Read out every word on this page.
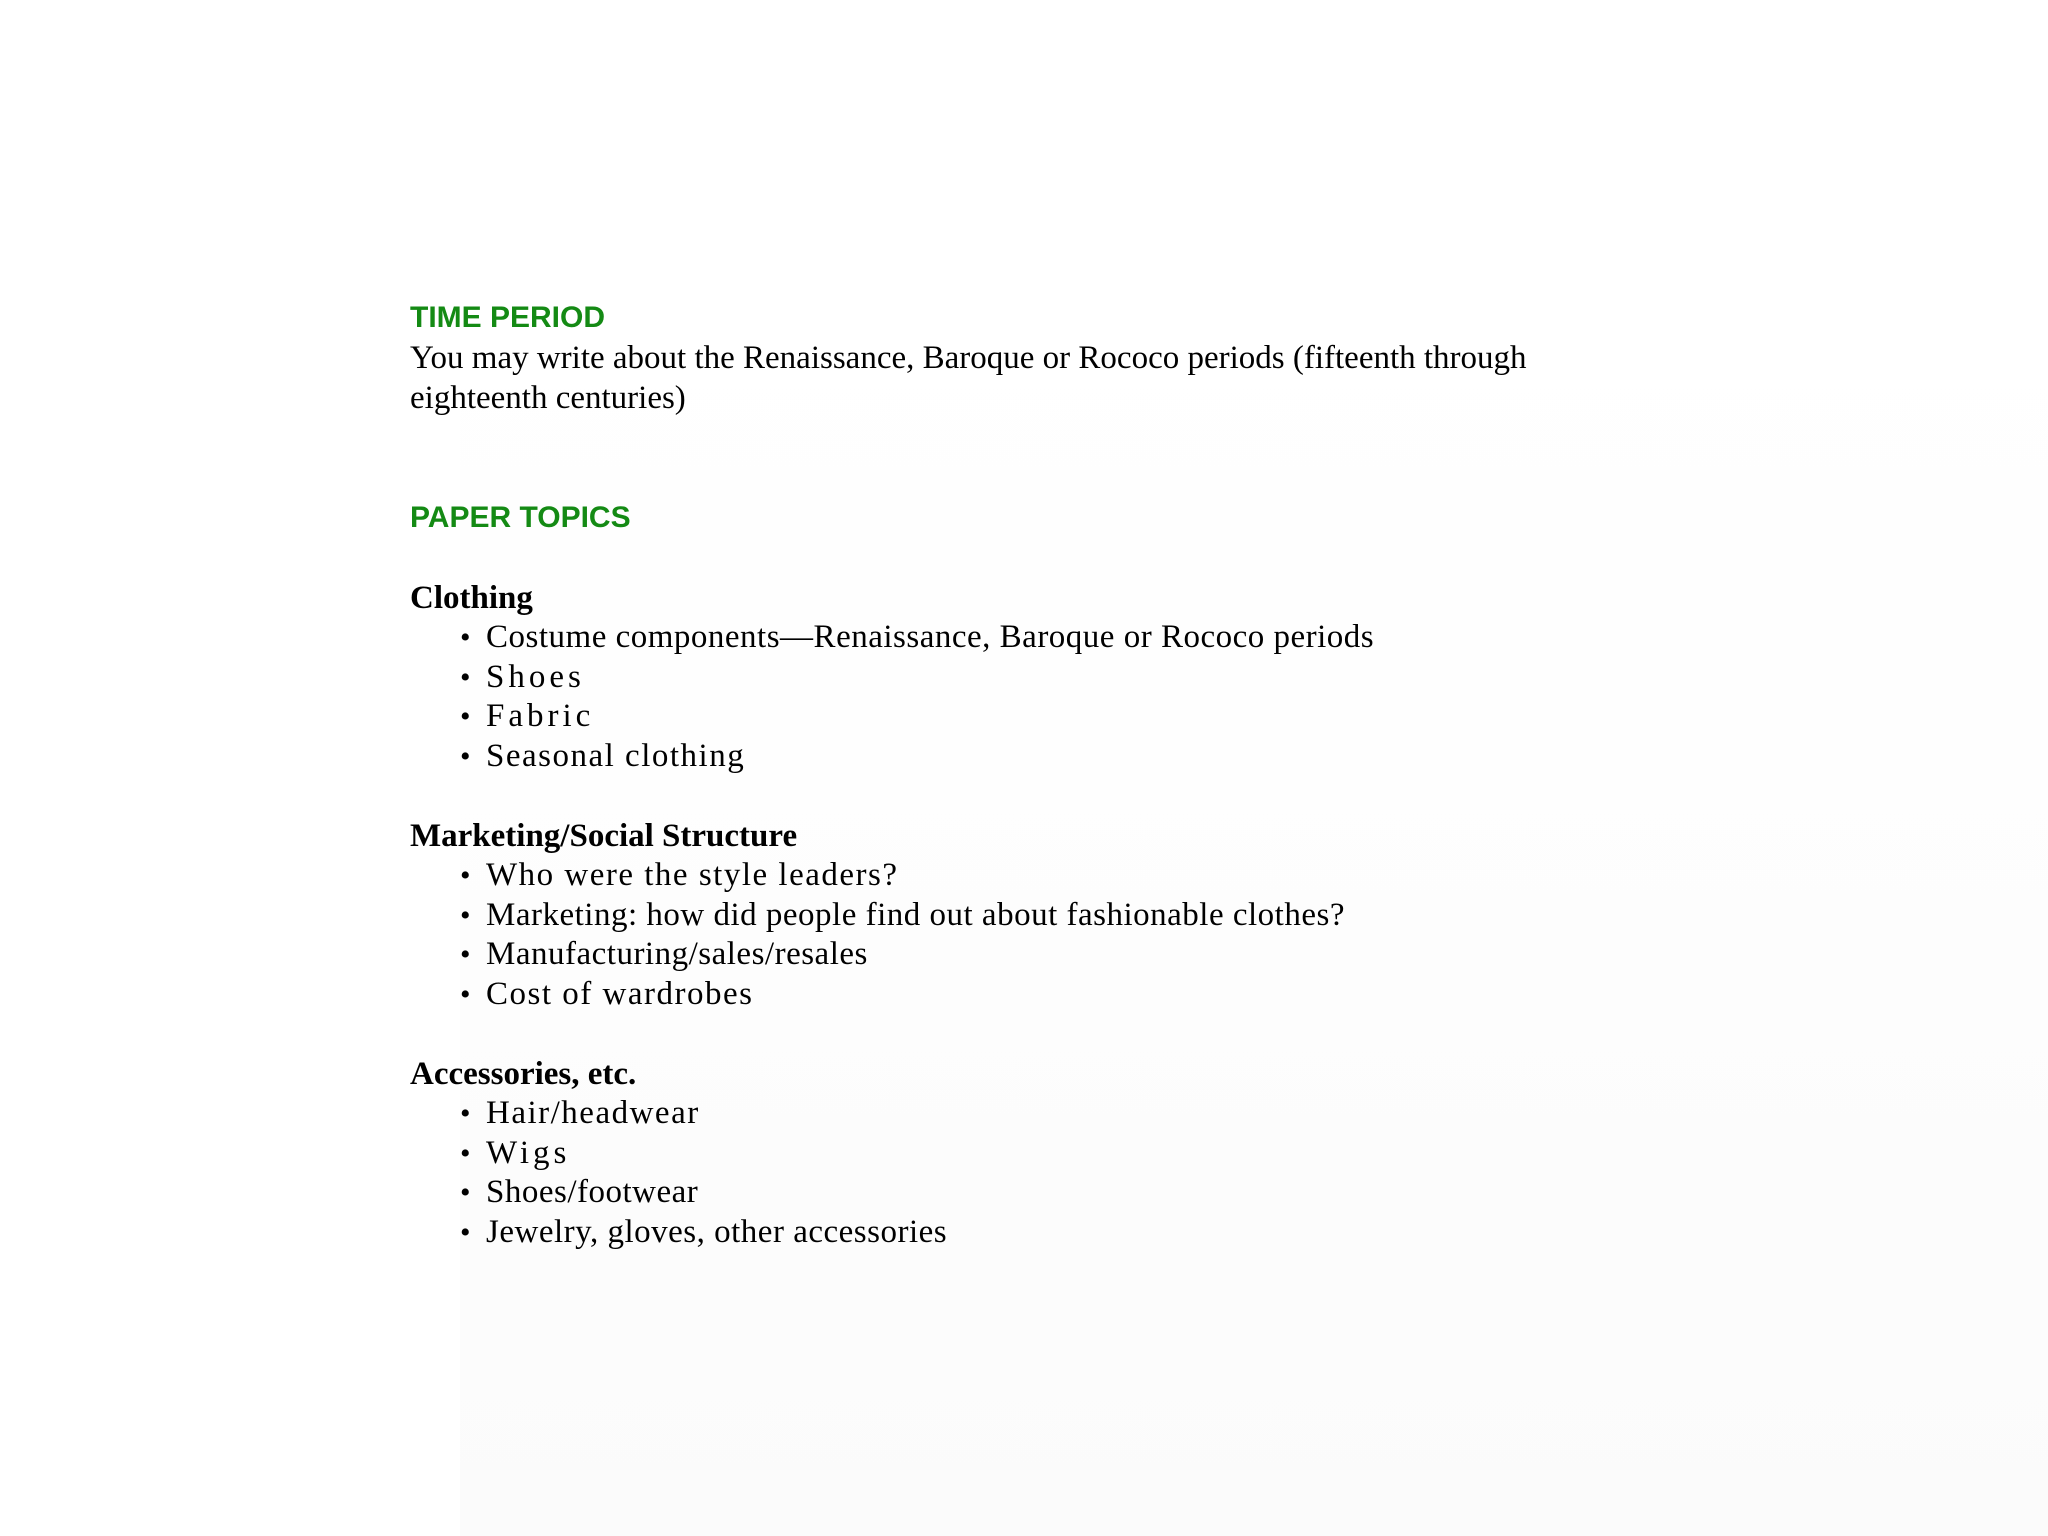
TIME PERIOD

You may write about the Renaissance, Baroque or Rococo periods (fifteenth through eighteenth centuries)

PAPER TOPICS
Clothing
• Costume components—Renaissance, Baroque or Rococo periods
• Shoes
• Fabric
• Seasonal clothing
Marketing/Social Structure
• Who were the style leaders?
• Marketing: how did people find out about fashionable clothes?
• Manufacturing/sales/resales
• Cost of wardrobes
Accessories, etc.
• Hair/headwear
• Wigs
• Shoes/footwear
• Jewelry, gloves, other accessories
